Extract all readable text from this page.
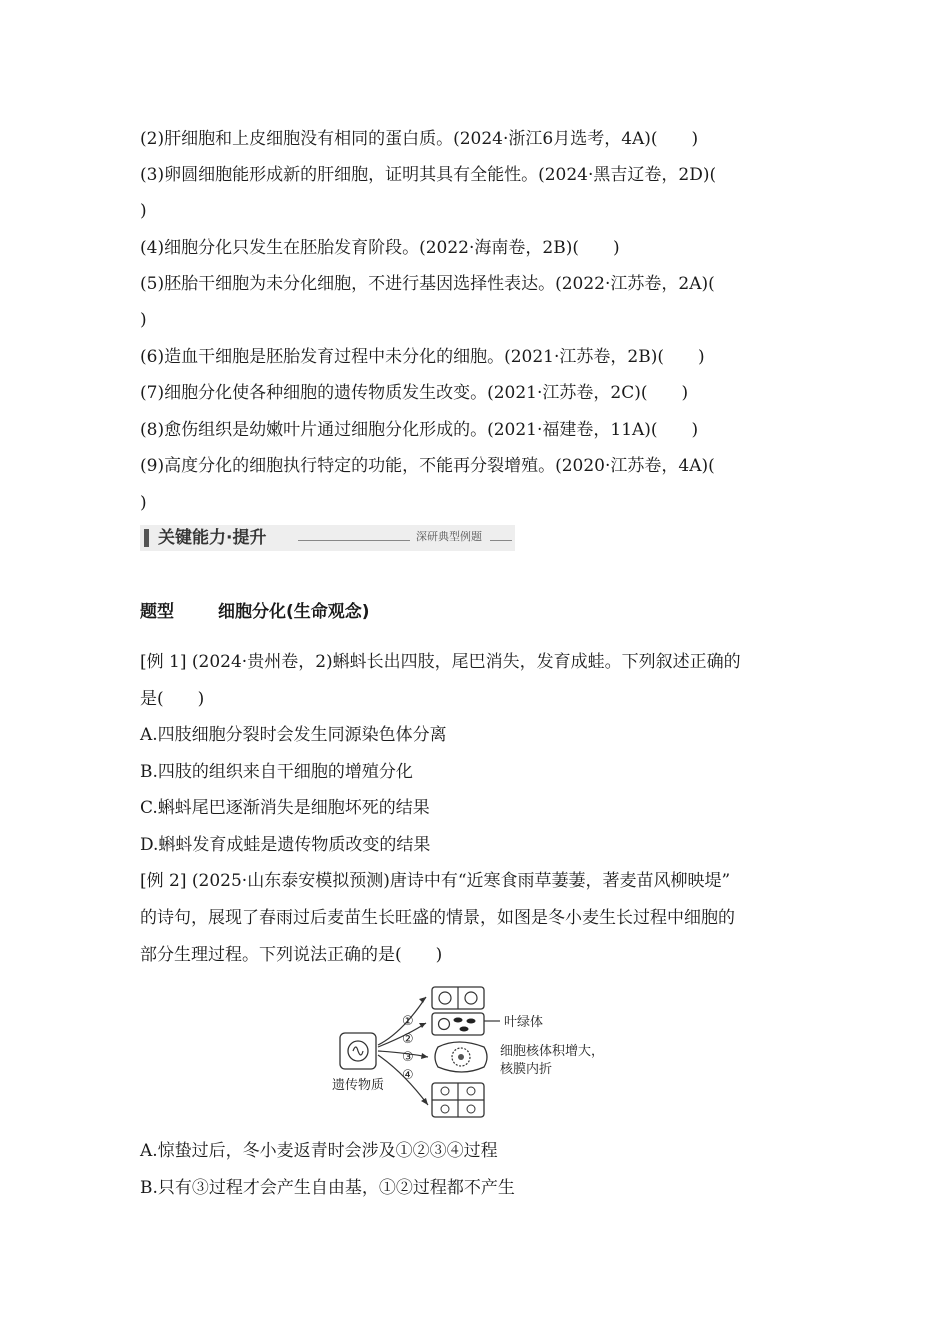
(2)肝细胞和上皮细胞没有相同的蛋白质。(2024·浙江6月选考，4A)(　　)
(3)卵圆细胞能形成新的肝细胞，证明其具有全能性。(2024·黑吉辽卷，2D)(
)
(4)细胞分化只发生在胚胎发育阶段。(2022·海南卷，2B)(　　)
(5)胚胎干细胞为未分化细胞，不进行基因选择性表达。(2022·江苏卷，2A)(
)
(6)造血干细胞是胚胎发育过程中未分化的细胞。(2021·江苏卷，2B)(　　)
(7)细胞分化使各种细胞的遗传物质发生改变。(2021·江苏卷，2C)(　　)
(8)愈伤组织是幼嫩叶片通过细胞分化形成的。(2021·福建卷，11A)(　　)
(9)高度分化的细胞执行特定的功能，不能再分裂增殖。(2020·江苏卷，4A)(
)
关键能力·提升	深研典型例题
题型	细胞分化(生命观念)
[例 1] (2024·贵州卷，2)蝌蚪长出四肢，尾巴消失，发育成蛙。下列叙述正确的
是(　　)
A.四肢细胞分裂时会发生同源染色体分离
B.四肢的组织来自干细胞的增殖分化
C.蝌蚪尾巴逐渐消失是细胞坏死的结果
D.蝌蚪发育成蛙是遗传物质改变的结果
[例 2] (2025·山东泰安模拟预测)唐诗中有“近寒食雨草萋萋，著麦苗风柳映堤”
的诗句，展现了春雨过后麦苗生长旺盛的情景，如图是冬小麦生长过程中细胞的
部分生理过程。下列说法正确的是(　　)
遗传物质
①
②
③
④
叶绿体
细胞核体积增大，
核膜内折
A.惊蛰过后，冬小麦返青时会涉及①②③④过程
B.只有③过程才会产生自由基，①②过程都不产生
